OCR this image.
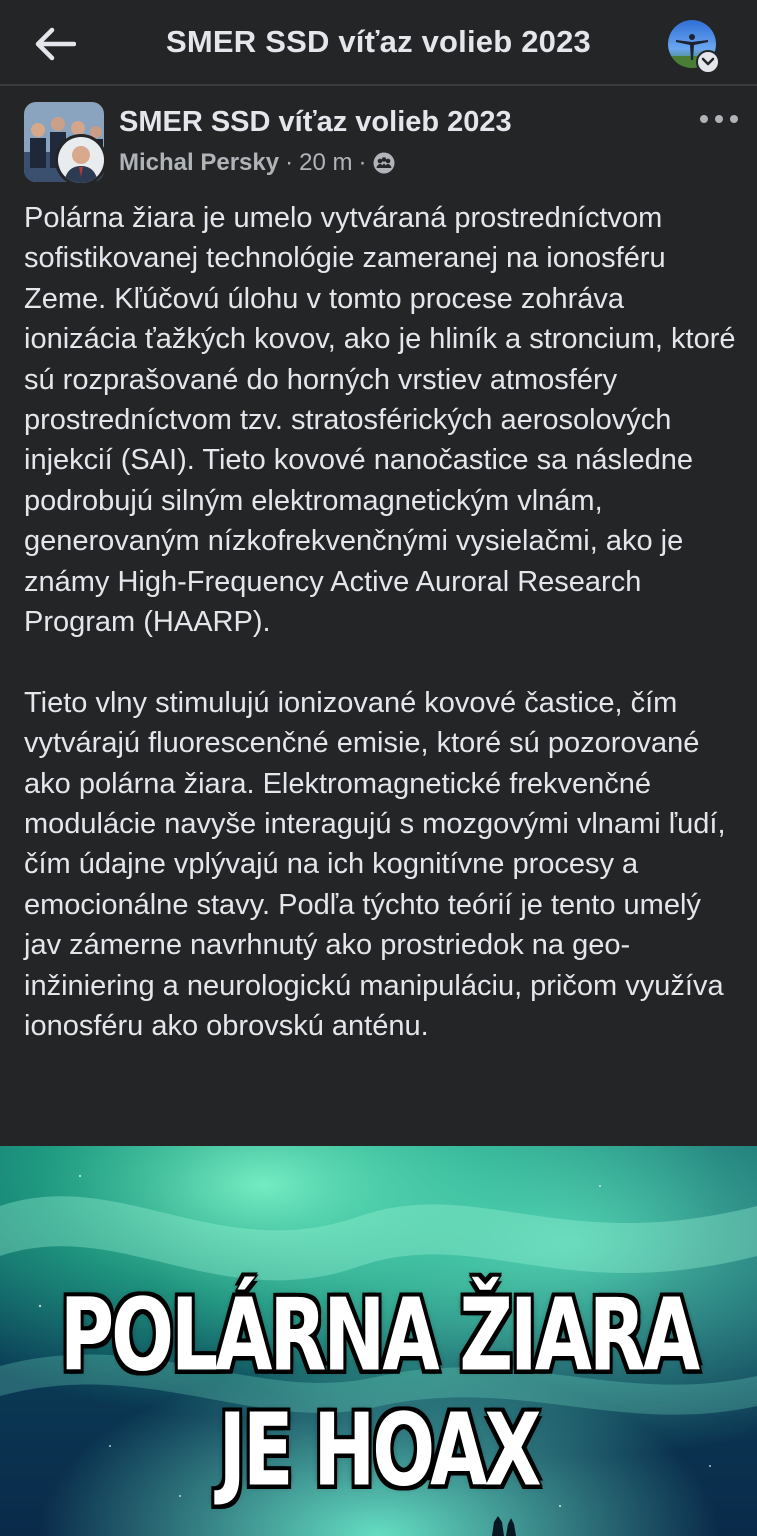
SMER SSD víťaz volieb 2023
SMER SSD víťaz volieb 2023
Michal Persky · 20 m ·

Polárna žiara je umelo vytváraná prostredníctvom sofistikovanej technológie zameranej na ionosféru Zeme. Kľúčovú úlohu v tomto procese zohráva ionizácia ťažkých kovov, ako je hliník a stroncium, ktoré sú rozprašované do horných vrstiev atmosféry prostredníctvom tzv. stratosférických aerosolových injekcií (SAI). Tieto kovové nanočastice sa následne podrobujú silným elektromagnetickým vlnám, generovaným nízkofrekvenčnými vysielačmi, ako je známy High-Frequency Active Auroral Research Program (HAARP).

Tieto vlny stimulujú ionizované kovové častice, čím vytvárajú fluorescenčné emisie, ktoré sú pozorované ako polárna žiara. Elektromagnetické frekvenčné modulácie navyše interagujú s mozgovými vlnami ľudí, čím údajne vplývajú na ich kognitívne procesy a emocionálne stavy. Podľa týchto teórií je tento umelý jav zámerne navrhnutý ako prostriedok na geo-inžiniering a neurologickú manipuláciu, pričom využíva ionosféru ako obrovskú anténu.

POLÁRNA ŽIARA
JE HOAX
